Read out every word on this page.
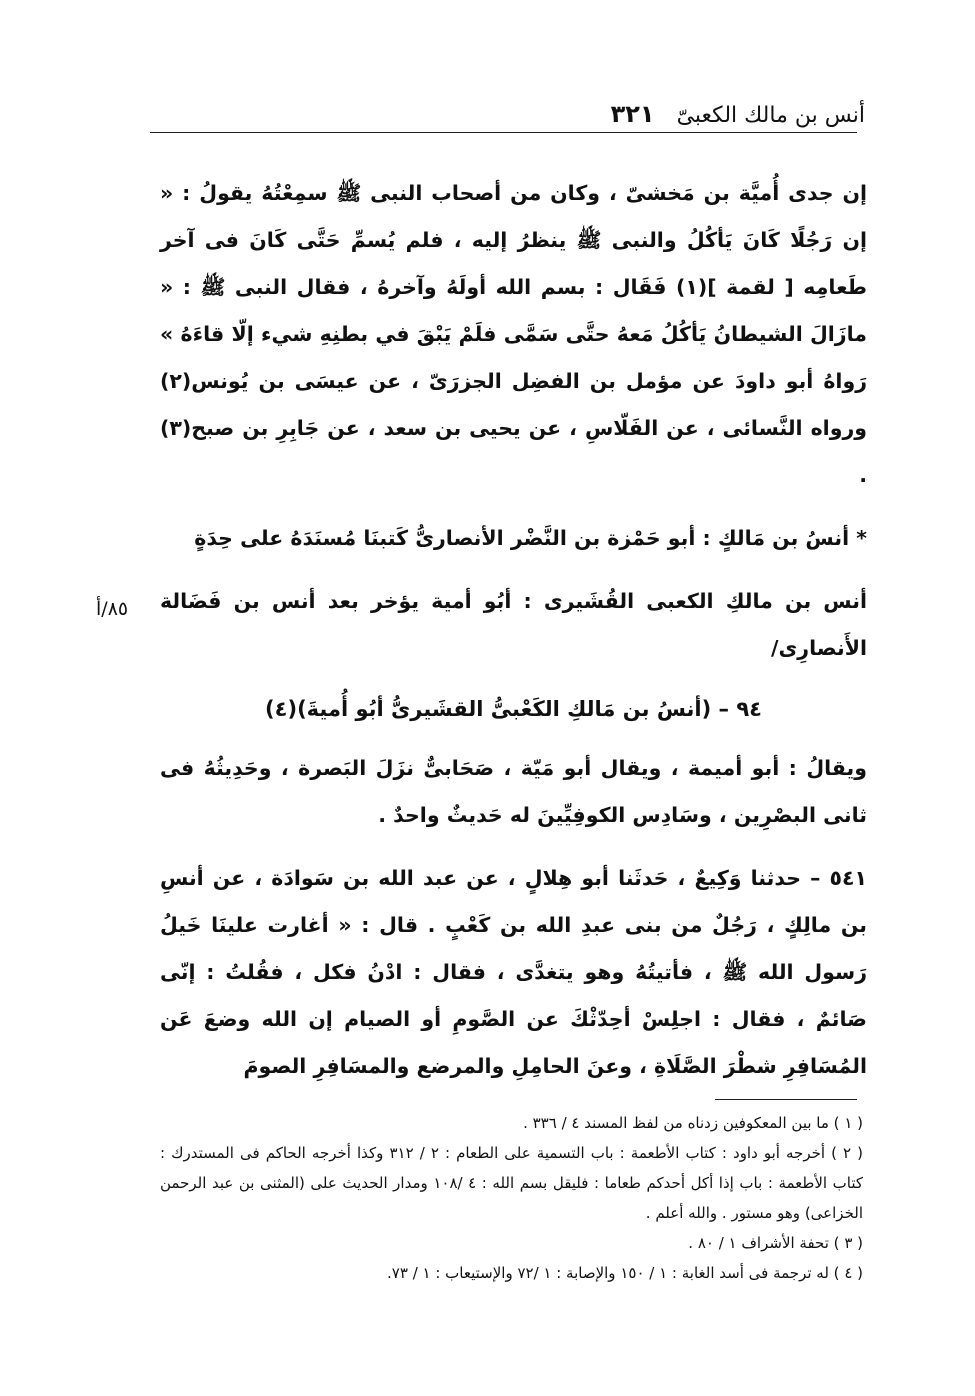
أنس بن مالك الكعبىّ
٣٢١
٨٥/أ

إن جدى أُميَّة بن مَخشىّ ، وكان من أصحاب النبى ﷺ سمِعْتُهُ يقولُ : « إن رَجُلًا كَانَ يَأكُلُ والنبى ﷺ ينظرُ إليه ، فلم يُسمِّ حَتَّى كَانَ فى آخر طَعامِه [ لقمة ](١) فَقَال : بسم الله أولَهُ وآخرهُ ، فقال النبى ﷺ : « مازَالَ الشيطانُ يَأكُلُ مَعهُ حتَّى سَمَّى فلَمْ يَبْقَ في بطنِهِ شيء إلّا قاءَهُ » رَواهُ أبو داودَ عن مؤمل بن الفضِل الجزرَىّ ، عن عيسَى بن يُونس(٢) ورواه النَّسائى ، عن الفَلّاسِ ، عن يحيى بن سعد ، عن جَابِرِ بن صبح(٣) .

* أنسُ بن مَالكٍ : أبو حَمْزة بن النَّضْر الأنصارىُّ كَتبنَا مُسنَدَهُ على حِدَةٍ

أنس بن مالكِ الكعبى القُشَيرى : أبُو أمية يؤخر بعد أنس بن فَضَالة الأَنصارِى/

٩٤ – (أنسُ بن مَالكِ الكَعْبىُّ القشَيرىُّ أبُو أُميةَ)(٤)

ويقالُ : أبو أميمة ، ويقال أبو مَيّة ، صَحَابىٌّ نزَلَ البَصرة ، وحَدِيثُهُ فى ثانى البصْرِين ، وسَادِس الكوفِيِّينَ له حَديثٌ واحدٌ .

٥٤١ – حدثنا وَكِيعٌ ، حَدثَنا أبو هِلالٍ ، عن عبد الله بن سَوادَة ، عن أنسِ بن مالِكٍ ، رَجُلٌ من بنى عبدِ الله بن كَعْبٍ . قال : « أغارت علينَا خَيلُ رَسول الله ﷺ ، فأتيتُهُ وهو يتغدَّى ، فقال : ادْنُ فكل ، فقُلتُ : إنّى صَائمٌ ، فقال : اجلِسْ أحِدّثْكَ عن الصَّومِ أو الصيام إن الله وضعَ عَن المُسَافِرِ شطْرَ الصَّلَاةِ ، وعنَ الحامِلِ والمرضع والمسَافِرِ الصومَ

( ١ ) ما بين المعكوفين زدناه من لفظ المسند ٤ / ٣٣٦ .

( ٢ ) أخرجه أبو داود : كتاب الأطعمة : باب التسمية على الطعام : ٢ / ٣١٢ وكذا أخرجه الحاكم فى المستدرك : كتاب الأطعمة : باب إذا أكل أحدكم طعاما : فليقل بسم الله : ٤ /١٠٨ ومدار الحديث على (المثنى بن عبد الرحمن الخزاعى) وهو مستور . والله أعلم .

( ٣ ) تحفة الأشراف ١ / ٨٠ .

( ٤ ) له ترجمة فى أسد الغابة : ١ / ١٥٠ والإصابة : ١ /٧٢ والإستيعاب : ١ / ٧٣.
